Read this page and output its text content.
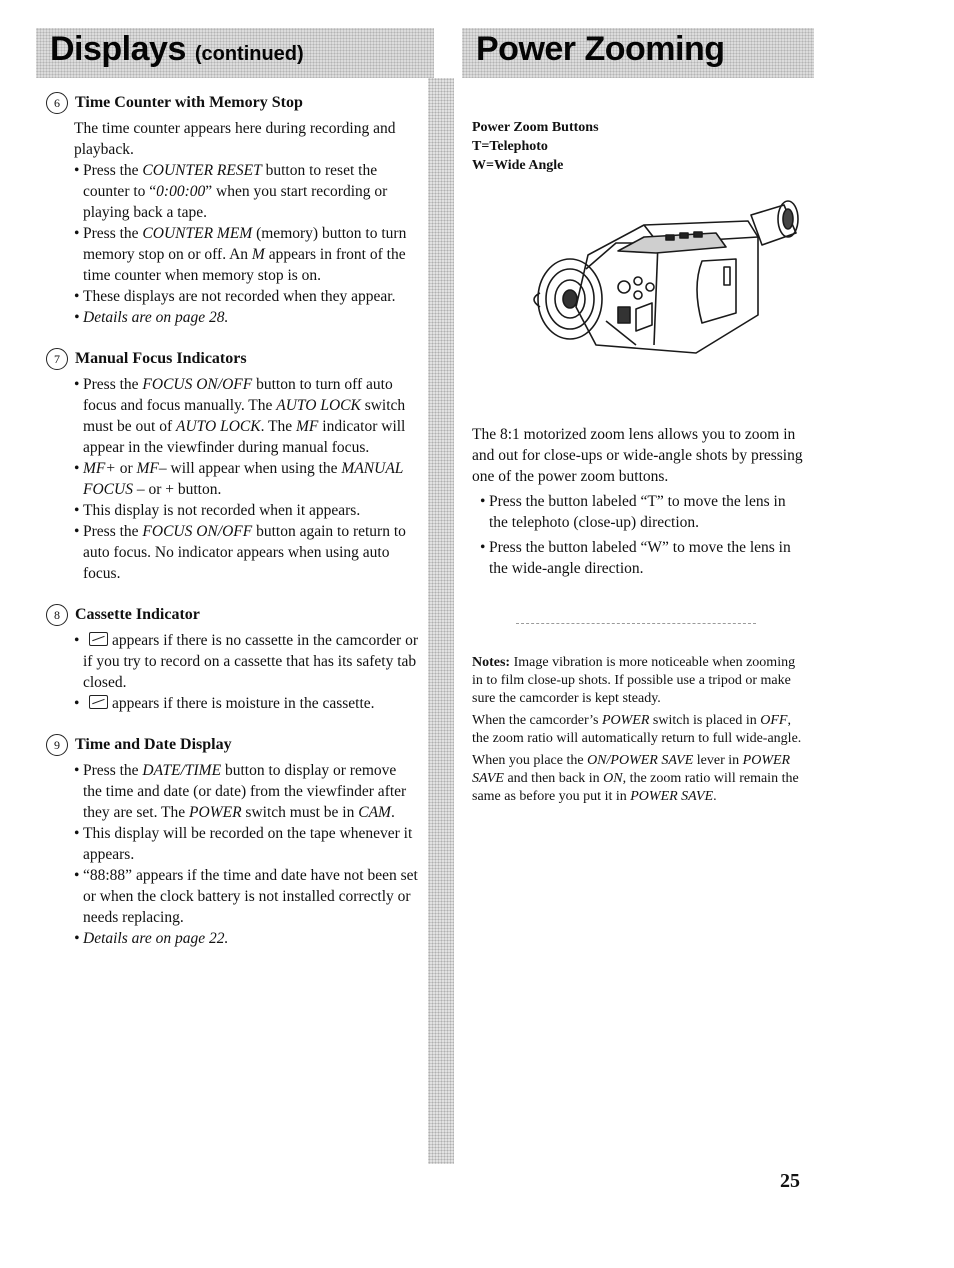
Displays (continued)	Power Zooming
6 Time Counter with Memory Stop

The time counter appears here during recording and playback.

• Press the COUNTER RESET button to reset the counter to “0:00:00” when you start recording or playing back a tape.

• Press the COUNTER MEM (memory) button to turn memory stop on or off. An M appears in front of the time counter when memory stop is on.

• These displays are not recorded when they appear.

• Details are on page 28.

7 Manual Focus Indicators

• Press the FOCUS ON/OFF button to turn off auto focus and focus manually. The AUTO LOCK switch must be out of AUTO LOCK. The MF indicator will appear in the viewfinder during manual focus.

• MF+ or MF– will appear when using the MANUAL FOCUS – or + button.

• This display is not recorded when it appears.

• Press the FOCUS ON/OFF button again to return to auto focus. No indicator appears when using auto focus.

8 Cassette Indicator

• appears if there is no cassette in the camcorder or if you try to record on a cassette that has its safety tab closed.

• appears if there is moisture in the cassette.

9 Time and Date Display

• Press the DATE/TIME button to display or remove the time and date (or date) from the viewfinder after they are set. The POWER switch must be in CAM.

• This display will be recorded on the tape whenever it appears.

• “88:88” appears if the time and date have not been set or when the clock battery is not installed correctly or needs replacing.

• Details are on page 22.

Power Zoom Buttons
T=Telephoto
W=Wide Angle

The 8:1 motorized zoom lens allows you to zoom in and out for close-ups or wide-angle shots by pressing one of the power zoom buttons.

• Press the button labeled “T” to move the lens in the telephoto (close-up) direction.

• Press the button labeled “W” to move the lens in the wide-angle direction.

Notes: Image vibration is more noticeable when zooming in to film close-up shots. If possible use a tripod or make sure the camcorder is kept steady.

When the camcorder’s POWER switch is placed in OFF, the zoom ratio will automatically return to full wide-angle.

When you place the ON/POWER SAVE lever in POWER SAVE and then back in ON, the zoom ratio will remain the same as before you put it in POWER SAVE.

25
